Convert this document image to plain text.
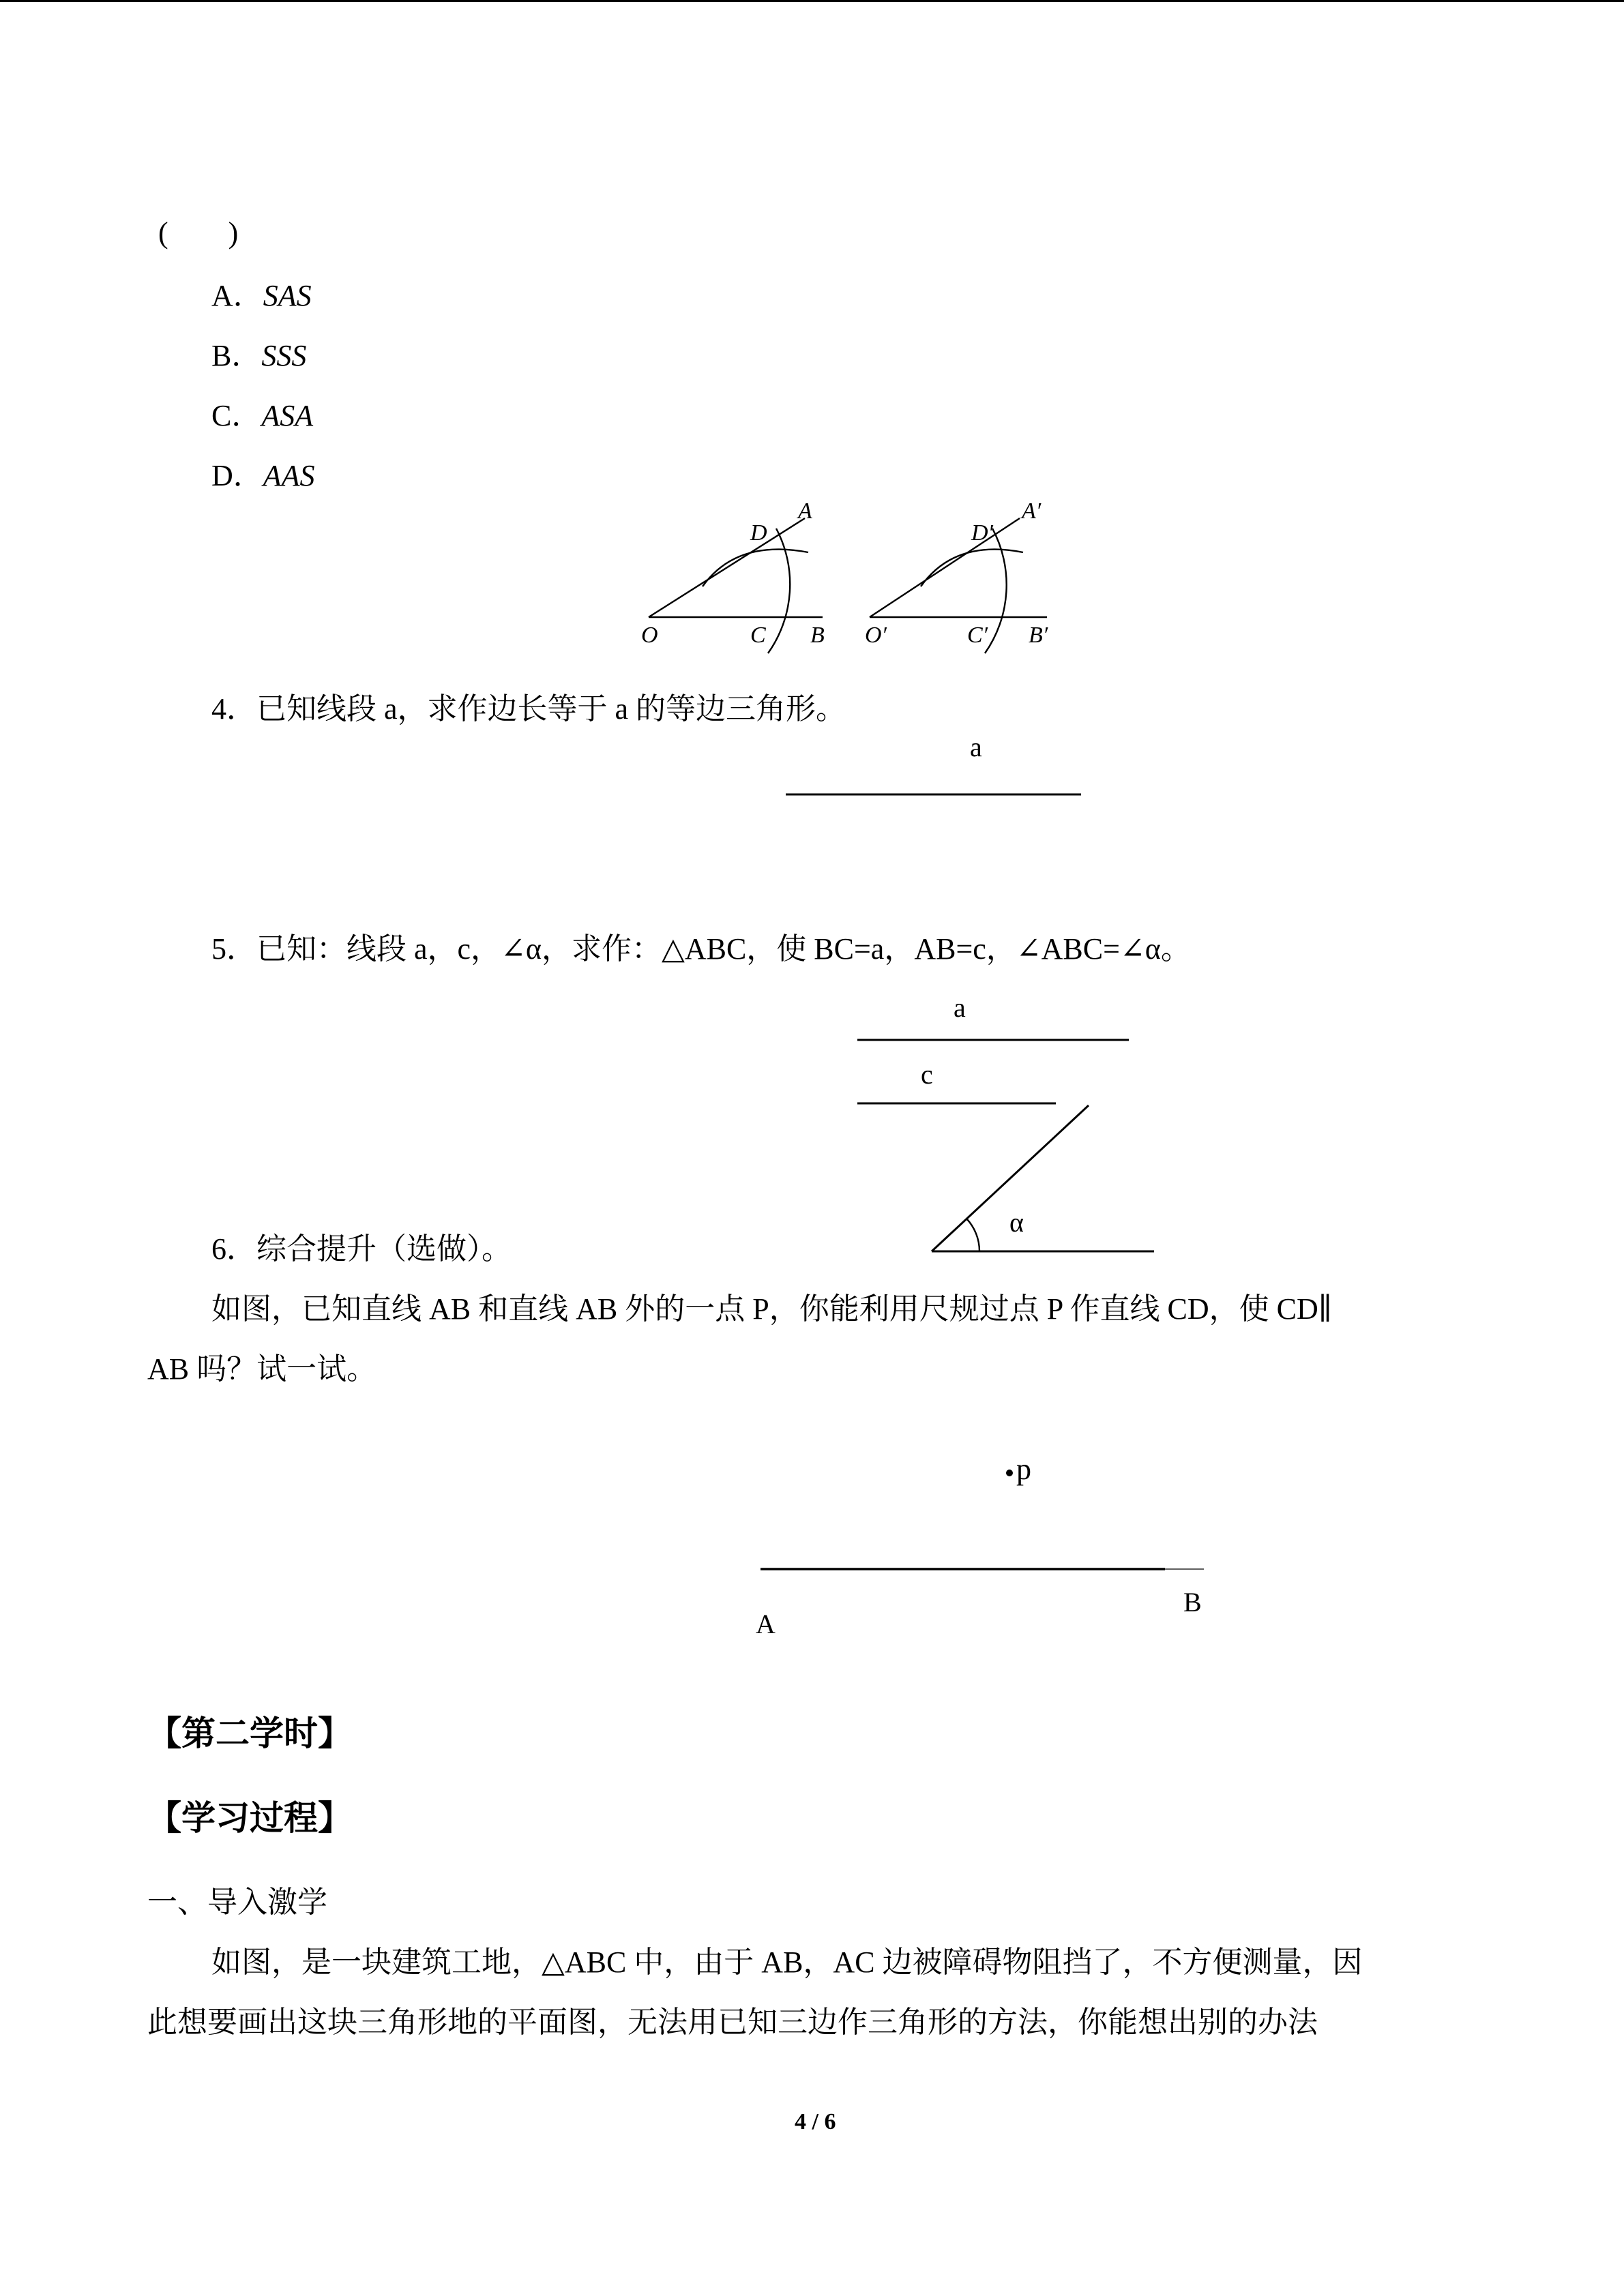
(　　)
A．SAS
B．SSS
C．ASA
D．AAS
O	C B
D
A
O′	C′ B′
D′
A′
4．已知线段 a，求作边长等于 a 的等边三角形。
a
5．已知：线段 a，c，∠α，求作：△ABC，使 BC=a，AB=c，∠ABC=∠α。
a
c
α
6．综合提升（选做）。
如图，已知直线 AB 和直线 AB 外的一点 P，你能利用尺规过点 P 作直线 CD，使 CD∥
AB 吗？试一试。
p
A
B
【第二学时】
【学习过程】
一、导入激学
如图，是一块建筑工地，△ABC 中，由于 AB，AC 边被障碍物阻挡了，不方便测量，因
此想要画出这块三角形地的平面图，无法用已知三边作三角形的方法，你能想出别的办法
4 / 6
